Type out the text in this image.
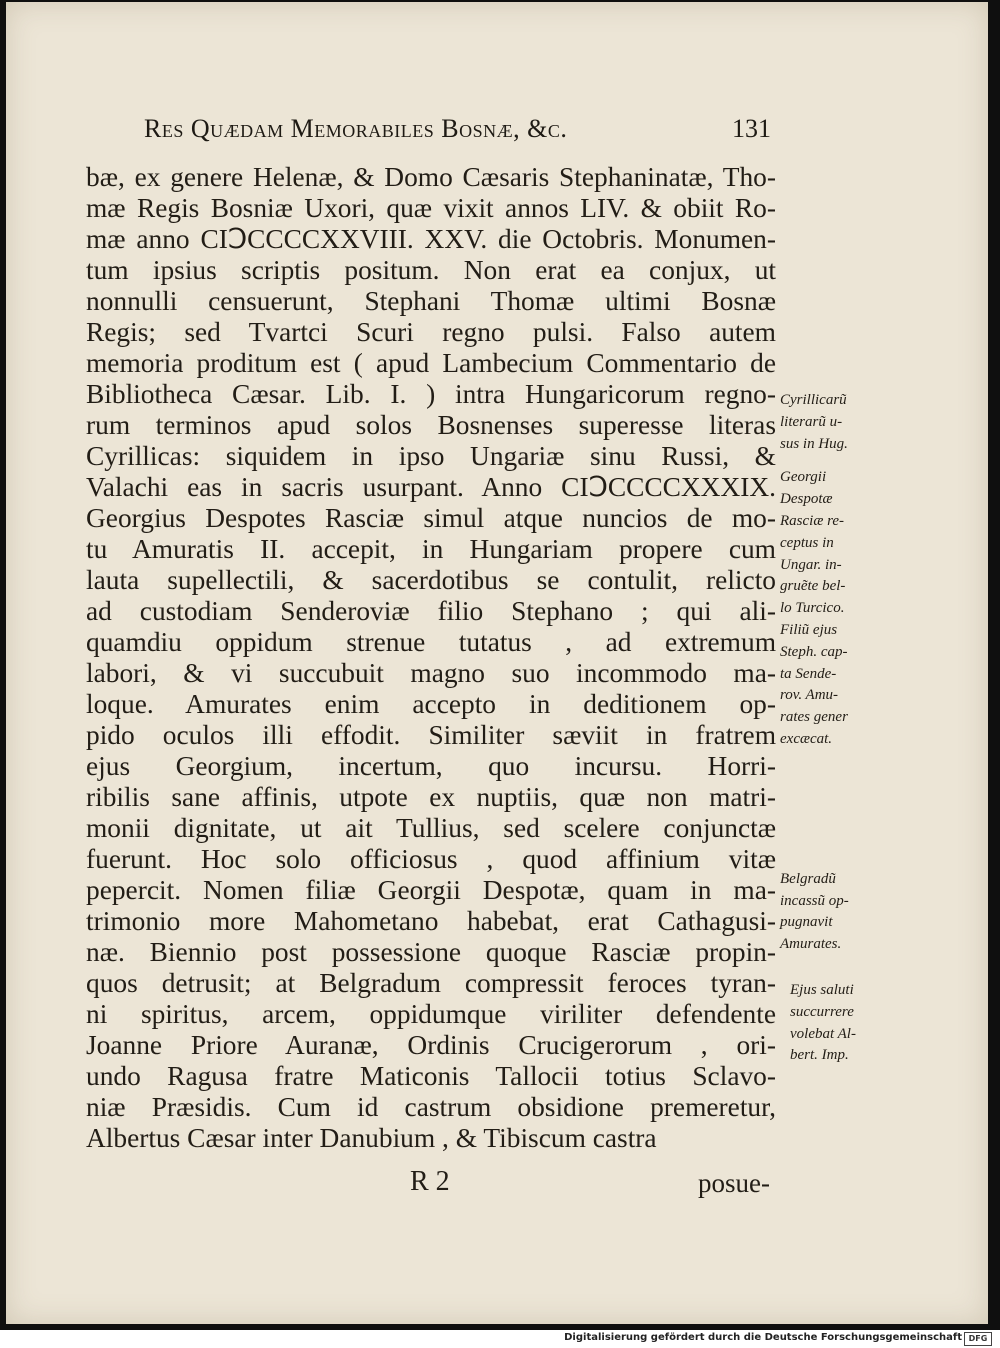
Res Quædam Memorabiles Bosnæ, &c.	131
bæ, ex genere Helenæ, & Domo Cæsaris Stephaninatæ, Tho-
mæ Regis Bosniæ Uxori, quæ vixit annos LIV. & obiit Ro-
mæ anno CIↃCCCCXXVIII. XXV. die Octobris. Monumen-
tum ipsius scriptis positum. Non erat ea conjux, ut
nonnulli censuerunt, Stephani Thomæ ultimi Bosnæ
Regis; sed Tvartci Scuri regno pulsi. Falso autem
memoria proditum est ( apud Lambecium Commentario de
Bibliotheca Cæsar. Lib. I. ) intra Hungaricorum regno-
rum terminos apud solos Bosnenses superesse literas
Cyrillicas: siquidem in ipso Ungariæ sinu Russi, &
Valachi eas in sacris usurpant. Anno CIↃCCCCXXXIX.
Georgius Despotes Rasciæ simul atque nuncios de mo-
tu Amuratis II. accepit, in Hungariam propere cum
lauta supellectili, & sacerdotibus se contulit, relicto
ad custodiam Senderoviæ filio Stephano ; qui ali-
quamdiu oppidum strenue tutatus , ad extremum
labori, & vi succubuit magno suo incommodo ma-
loque. Amurates enim accepto in deditionem op-
pido oculos illi effodit. Similiter sæviit in fratrem
ejus Georgium, incertum, quo incursu. Horri-
ribilis sane affinis, utpote ex nuptiis, quæ non matri-
monii dignitate, ut ait Tullius, sed scelere conjunctæ
fuerunt. Hoc solo officiosus , quod affinium vitæ
pepercit. Nomen filiæ Georgii Despotæ, quam in ma-
trimonio more Mahometano habebat, erat Cathagusi-
næ. Biennio post possessione quoque Rasciæ propin-
quos detrusit; at Belgradum compressit feroces tyran-
ni spiritus, arcem, oppidumque viriliter defendente
Joanne Priore Auranæ, Ordinis Crucigerorum , ori-
undo Ragusa fratre Maticonis Tallocii totius Sclavo-
niæ Præsidis. Cum id castrum obsidione premeretur,
Albertus Cæsar inter Danubium , & Tibiscum castra
Cyrillicarũ
literarũ u-
sus in Hug.
Georgii
Despotæ
Rasciæ re-
ceptus in
Ungar. in-
gruẽte bel-
lo Turcico.
Filiũ ejus
Steph. cap-
ta Sende-
rov. Amu-
rates gener
excæcat.
Belgradũ
incassũ op-
pugnavit
Amurates.
Ejus saluti
succurrere
volebat Al-
bert. Imp.
R 2	posue-
Digitalisierung gefördert durch die Deutsche Forschungsgemeinschaft DFG
